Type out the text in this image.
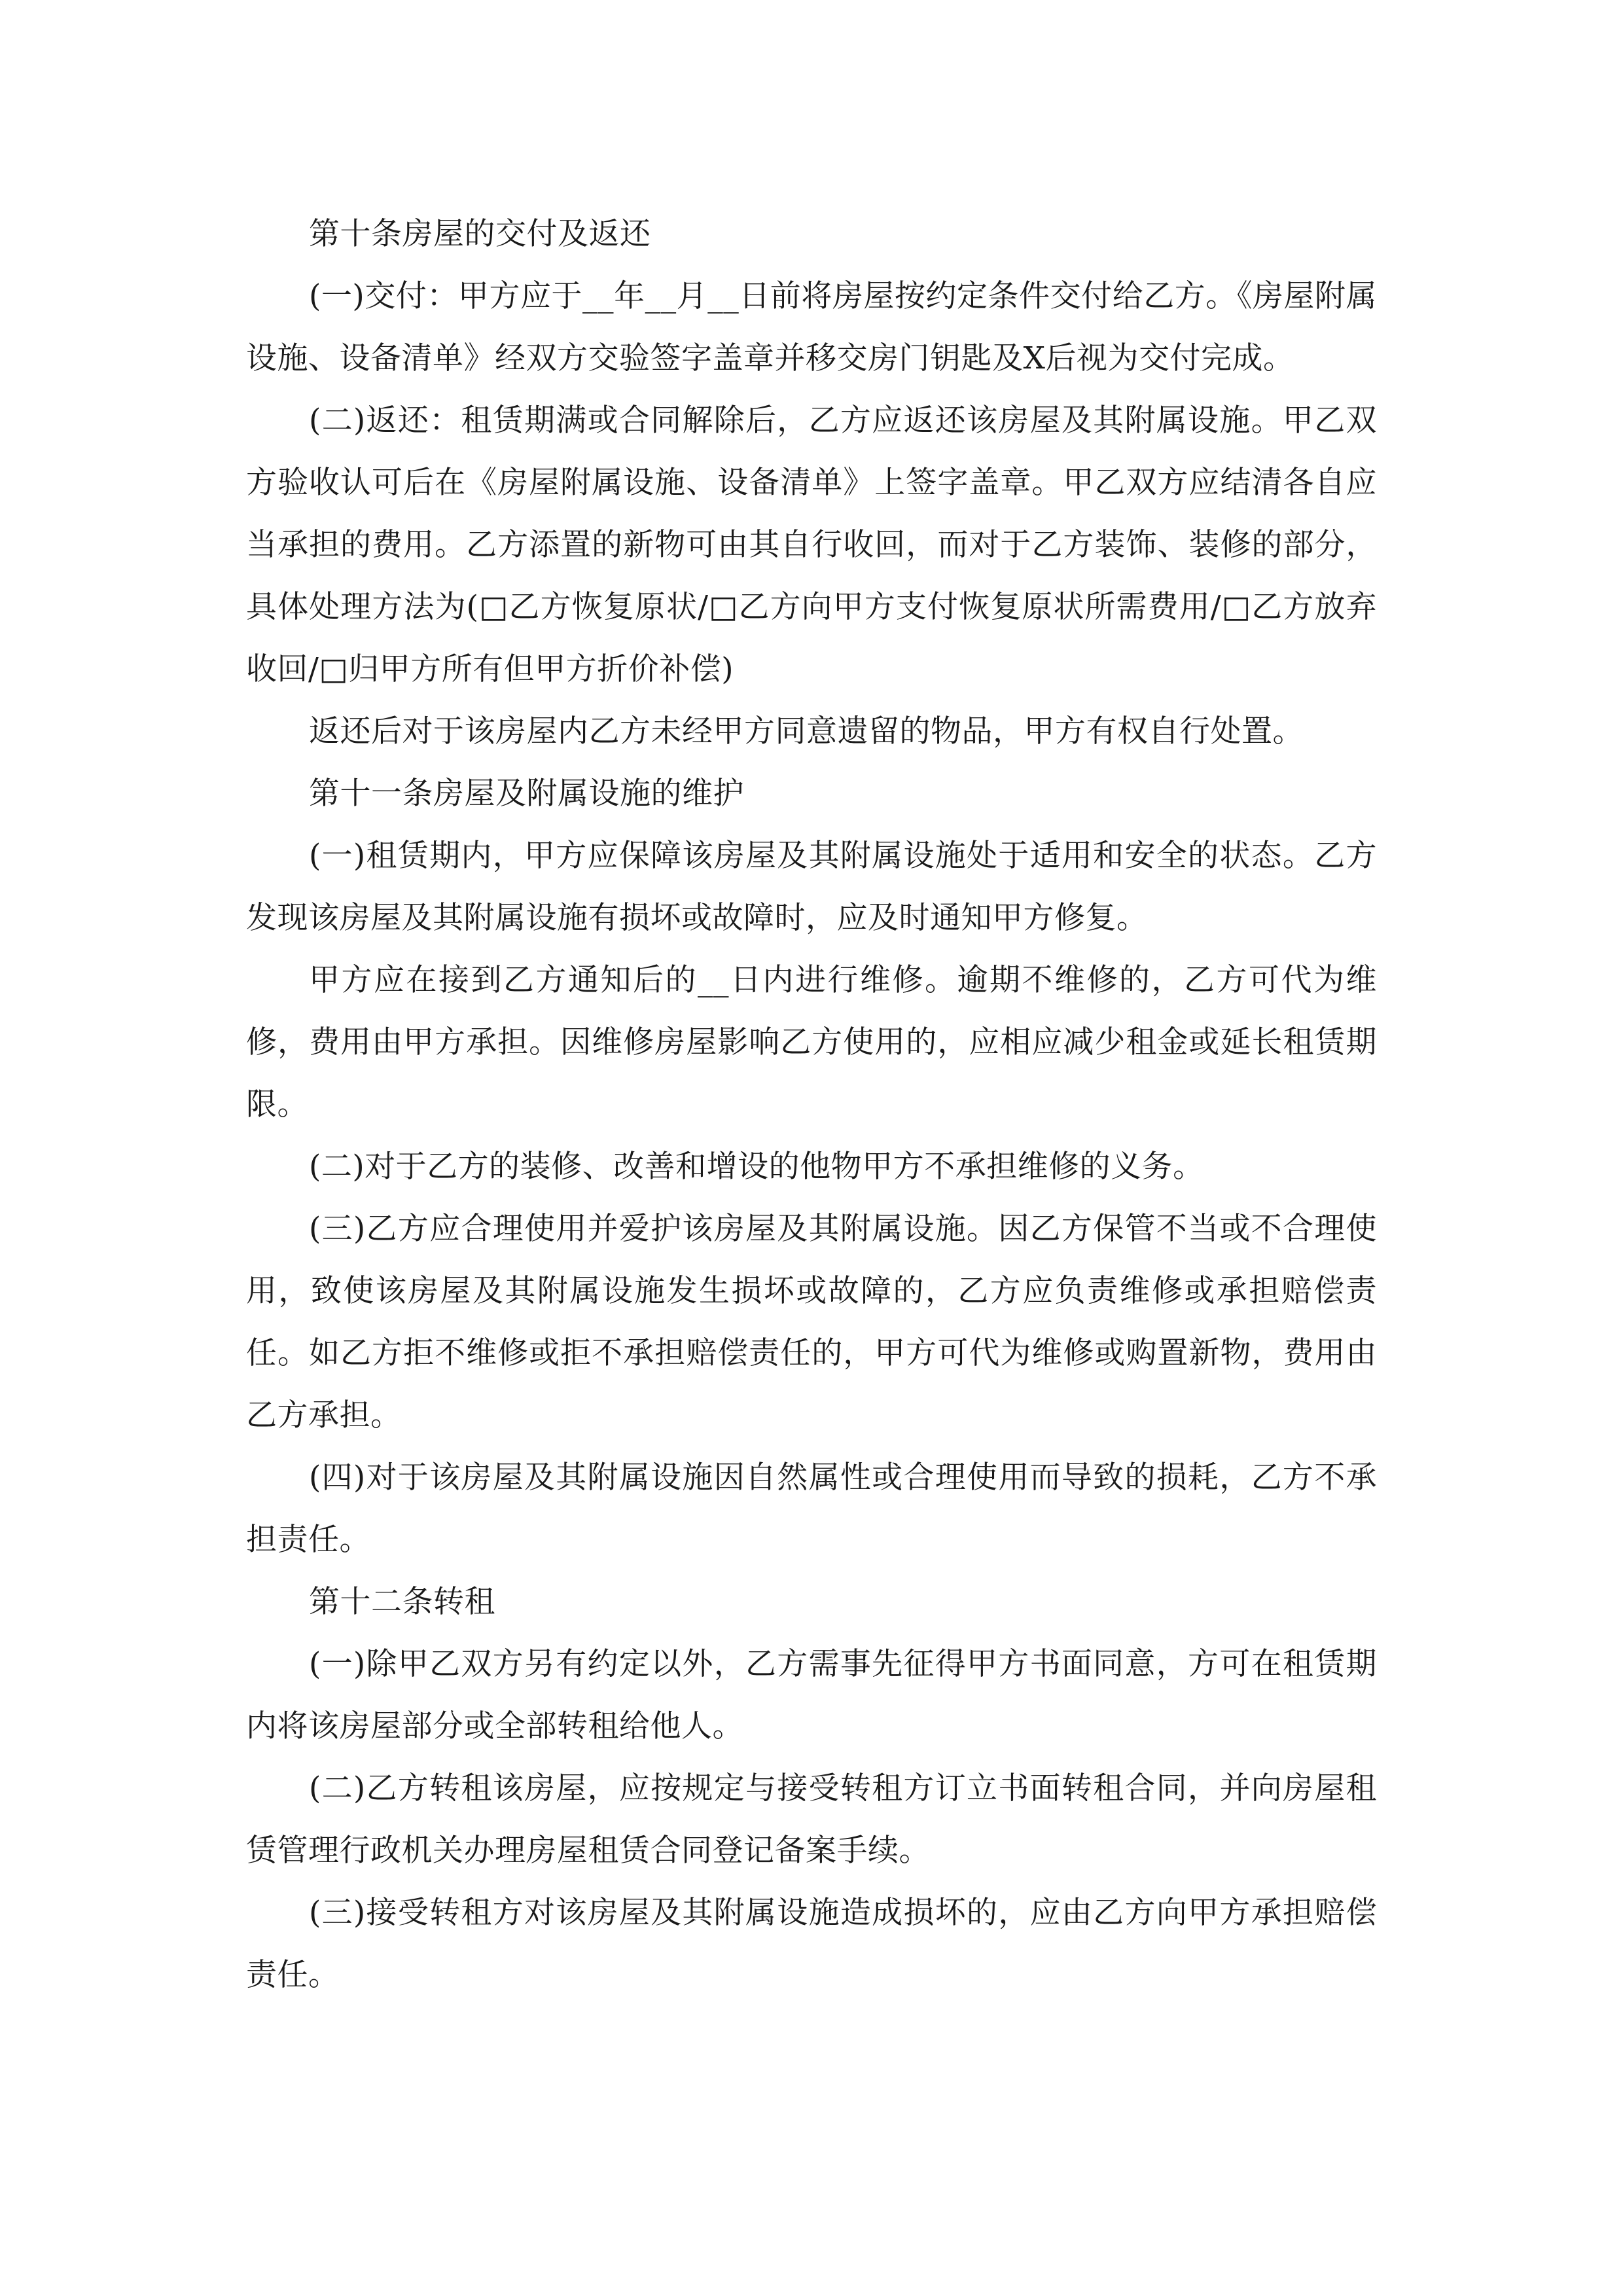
第十条房屋的交付及返还

(一)交付：甲方应于__年__月__日前将房屋按约定条件交付给乙方。《房屋附属设施、设备清单》经双方交验签字盖章并移交房门钥匙及X后视为交付完成。

(二)返还：租赁期满或合同解除后，乙方应返还该房屋及其附属设施。甲乙双方验收认可后在《房屋附属设施、设备清单》上签字盖章。甲乙双方应结清各自应当承担的费用。乙方添置的新物可由其自行收回，而对于乙方装饰、装修的部分，具体处理方法为(□乙方恢复原状/□乙方向甲方支付恢复原状所需费用/□乙方放弃收回/□归甲方所有但甲方折价补偿)

返还后对于该房屋内乙方未经甲方同意遗留的物品，甲方有权自行处置。

第十一条房屋及附属设施的维护

(一)租赁期内，甲方应保障该房屋及其附属设施处于适用和安全的状态。乙方发现该房屋及其附属设施有损坏或故障时，应及时通知甲方修复。

甲方应在接到乙方通知后的__日内进行维修。逾期不维修的，乙方可代为维修，费用由甲方承担。因维修房屋影响乙方使用的，应相应减少租金或延长租赁期限。

(二)对于乙方的装修、改善和增设的他物甲方不承担维修的义务。

(三)乙方应合理使用并爱护该房屋及其附属设施。因乙方保管不当或不合理使用，致使该房屋及其附属设施发生损坏或故障的，乙方应负责维修或承担赔偿责任。如乙方拒不维修或拒不承担赔偿责任的，甲方可代为维修或购置新物，费用由乙方承担。

(四)对于该房屋及其附属设施因自然属性或合理使用而导致的损耗，乙方不承担责任。

第十二条转租

(一)除甲乙双方另有约定以外，乙方需事先征得甲方书面同意，方可在租赁期内将该房屋部分或全部转租给他人。

(二)乙方转租该房屋，应按规定与接受转租方订立书面转租合同，并向房屋租赁管理行政机关办理房屋租赁合同登记备案手续。

(三)接受转租方对该房屋及其附属设施造成损坏的，应由乙方向甲方承担赔偿责任。
